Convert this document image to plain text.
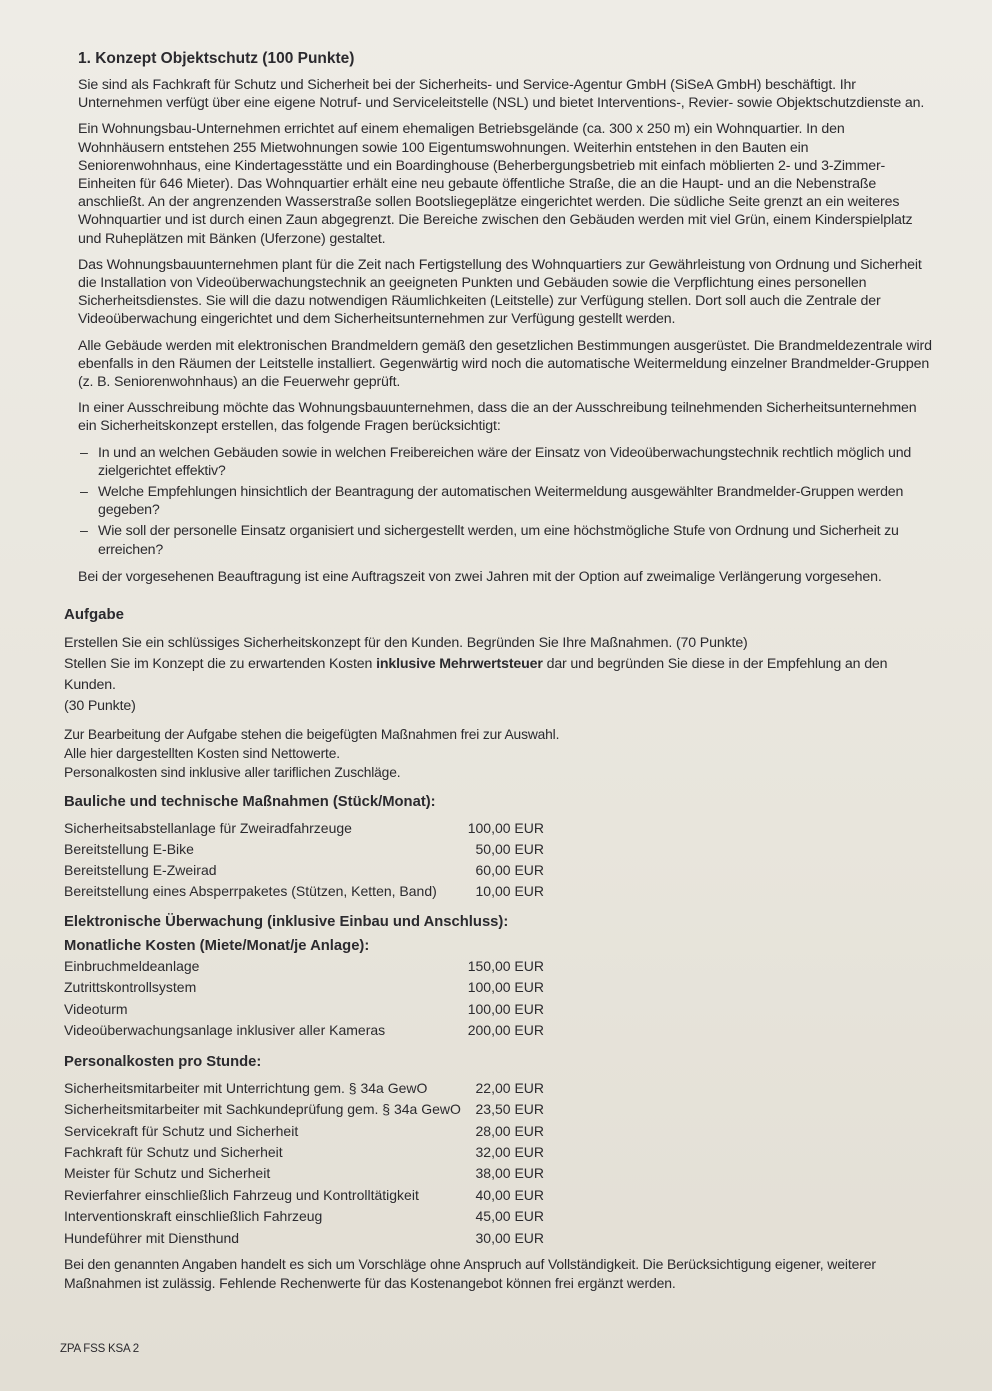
1. Konzept Objektschutz (100 Punkte)

Sie sind als Fachkraft für Schutz und Sicherheit bei der Sicherheits- und Service-Agentur GmbH (SiSeA GmbH) beschäftigt. Ihr Unternehmen verfügt über eine eigene Notruf- und Serviceleitstelle (NSL) und bietet Interventions-, Revier- sowie Objektschutzdienste an.

Ein Wohnungsbau-Unternehmen errichtet auf einem ehemaligen Betriebsgelände (ca. 300 x 250 m) ein Wohnquartier. In den Wohnhäusern entstehen 255 Mietwohnungen sowie 100 Eigentumswohnungen. Weiterhin entstehen in den Bauten ein Seniorenwohnhaus, eine Kindertagesstätte und ein Boardinghouse (Beherbergungsbetrieb mit einfach möblierten 2- und 3-Zimmer-Einheiten für 646 Mieter). Das Wohnquartier erhält eine neu gebaute öffentliche Straße, die an die Haupt- und an die Nebenstraße anschließt. An der angrenzenden Wasserstraße sollen Bootsliegeplätze eingerichtet werden. Die südliche Seite grenzt an ein weiteres Wohnquartier und ist durch einen Zaun abgegrenzt. Die Bereiche zwischen den Gebäuden werden mit viel Grün, einem Kinderspielplatz und Ruheplätzen mit Bänken (Uferzone) gestaltet.

Das Wohnungsbauunternehmen plant für die Zeit nach Fertigstellung des Wohnquartiers zur Gewährleistung von Ordnung und Sicherheit die Installation von Videoüberwachungstechnik an geeigneten Punkten und Gebäuden sowie die Verpflichtung eines personellen Sicherheitsdienstes. Sie will die dazu notwendigen Räumlichkeiten (Leitstelle) zur Verfügung stellen. Dort soll auch die Zentrale der Videoüberwachung eingerichtet und dem Sicherheitsunternehmen zur Verfügung gestellt werden.

Alle Gebäude werden mit elektronischen Brandmeldern gemäß den gesetzlichen Bestimmungen ausgerüstet. Die Brandmeldezentrale wird ebenfalls in den Räumen der Leitstelle installiert. Gegenwärtig wird noch die automatische Weitermeldung einzelner Brandmelder-Gruppen (z. B. Seniorenwohnhaus) an die Feuerwehr geprüft.

In einer Ausschreibung möchte das Wohnungsbauunternehmen, dass die an der Ausschreibung teilnehmenden Sicherheitsunternehmen ein Sicherheitskonzept erstellen, das folgende Fragen berücksichtigt:

– In und an welchen Gebäuden sowie in welchen Freibereichen wäre der Einsatz von Videoüberwachungstechnik rechtlich möglich und zielgerichtet effektiv?
– Welche Empfehlungen hinsichtlich der Beantragung der automatischen Weitermeldung ausgewählter Brandmelder-Gruppen werden gegeben?
– Wie soll der personelle Einsatz organisiert und sichergestellt werden, um eine höchstmögliche Stufe von Ordnung und Sicherheit zu erreichen?

Bei der vorgesehenen Beauftragung ist eine Auftragszeit von zwei Jahren mit der Option auf zweimalige Verlängerung vorgesehen.

Aufgabe

Erstellen Sie ein schlüssiges Sicherheitskonzept für den Kunden. Begründen Sie Ihre Maßnahmen. (70 Punkte)

Stellen Sie im Konzept die zu erwartenden Kosten inklusive Mehrwertsteuer dar und begründen Sie diese in der Empfehlung an den Kunden.

(30 Punkte)

Zur Bearbeitung der Aufgabe stehen die beigefügten Maßnahmen frei zur Auswahl.

Alle hier dargestellten Kosten sind Nettowerte.

Personalkosten sind inklusive aller tariflichen Zuschläge.

Bauliche und technische Maßnahmen (Stück/Monat):
Sicherheitsabstellanlage für Zweiradfahrzeuge	100,00 EUR
Bereitstellung E-Bike	50,00 EUR
Bereitstellung E-Zweirad	60,00 EUR
Bereitstellung eines Absperrpaketes (Stützen, Ketten, Band)	10,00 EUR
Elektronische Überwachung (inklusive Einbau und Anschluss):
Monatliche Kosten (Miete/Monat/je Anlage):
Einbruchmeldeanlage	150,00 EUR
Zutrittskontrollsystem	100,00 EUR
Videoturm	100,00 EUR
Videoüberwachungsanlage inklusiver aller Kameras	200,00 EUR
Personalkosten pro Stunde:
Sicherheitsmitarbeiter mit Unterrichtung gem. § 34a GewO	22,00 EUR
Sicherheitsmitarbeiter mit Sachkundeprüfung gem. § 34a GewO	23,50 EUR
Servicekraft für Schutz und Sicherheit	28,00 EUR
Fachkraft für Schutz und Sicherheit	32,00 EUR
Meister für Schutz und Sicherheit	38,00 EUR
Revierfahrer einschließlich Fahrzeug und Kontrolltätigkeit	40,00 EUR
Interventionskraft einschließlich Fahrzeug	45,00 EUR
Hundeführer mit Diensthund	30,00 EUR

Bei den genannten Angaben handelt es sich um Vorschläge ohne Anspruch auf Vollständigkeit. Die Berücksichtigung eigener, weiterer Maßnahmen ist zulässig. Fehlende Rechenwerte für das Kostenangebot können frei ergänzt werden.

ZPA FSS KSA 2
